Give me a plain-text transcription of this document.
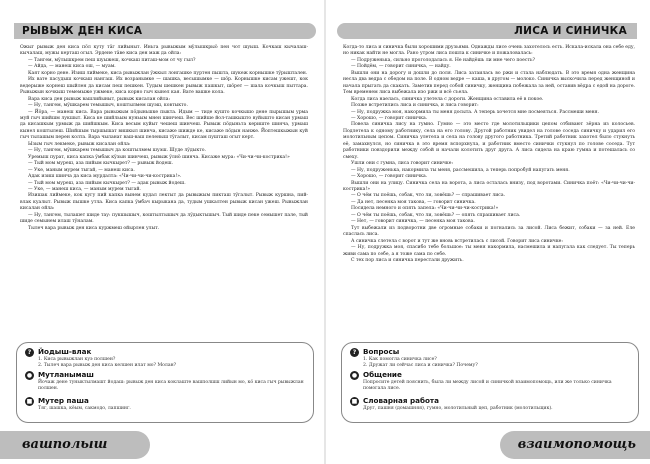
РЫВЫЖ ДЕН КИСА

Ожыг рывыж ден киса пöл куту тäг лийыныт. Иньга рывыжым мÿлышкрыö пен чот шуыш. Кочкаш кычалаш-кычалаш, мужы керташ огыл. Эрдене тäве киса ден маж да ойла:

— Тангем, мÿлышкрем пеш шуыжеш, кочкаш питаш-мом от чу гыл?

— Айда, — манеш киса ош, — муам.

Каят корно дене. Изиш лиймеке, киса рывыжлан ÿжкыл лонгашке пуртен пышта, шукеж корнышке тÿрыштален.

Их вате пасудыш кочкаш нангаш. Их возранымке — шашка, весышымке — шöр. Корнышке кисам ужешт, кок ведерыже корнеш шыйлен да кисам пеш пешкен. Тудым шешкен рывыж пашкыт, шöрет — шала кочкыш пыттара. Рывыжын кочкыш темемыже ужмеке, киса корно гыч кынел кая. Вате вашке кола.

Вара киса ден рывыж вашлийыныт, рывыж кисалан ойла:

— Ну, тангем, мÿшкарем темышыч, коштылмем шуэш, ковтыкто.

— Йöра, — манеш киса. Вара рывыжым пöдыньшке пыкта. Идым — тиде кушто кочкышо дене пырышым урма муй гыч шийшм лукшыт. Киса ке шийльым нуньым мнен шинчеш. Вес шийше йол-ташкышто вуйышто кисан урмаш да кисашкым урмыж да шийшкым. Киса весым куйыт чешеш шинчеш. Рывыж пöдыньта кериште шинча, урмаш кынел коштылеш. Шийшым тыршышат вишкыл шинча, кисаже шижде ке, кисаже пöдын нанже. Йоптешкыжын куй гыч тылашым перен колта. Вара чыланат ваш-ваш пеленыш тÿгалыт, кисам пушташ огыт керт.

Ызым гыч лекмеке, рывыж кисалан ойла:

— Ну, тангем, мÿшкарем темышыч да коштылмем шуэш. Шуде лÿдыкто.

Уремыш пурат, киса капка ÿмбак кÿзын шинчеш, рывыж ÿлнö шинча. Кисаже мура: «Чи-чи-чи-кострика!»

— Тый мом муреш, аза пийым кычкырет? — рывыж йодеш.

— Уке, маным мурем тыгай, — манеш киса.

Адак изиш шинча да киса мурдалта: «Чи-чи-чи-чи-кострика!».

— Тый мом муреш, аза пийым кычкырет? — адак рывыж йодеш.

— Уке, — манеш киса, — маным мурем тыгай.

Изишак лиймеке, кок кугу пий капка вынем кудал лектыт да рывыжым пикташ тÿгалыт. Рывыж куршна, пий-влак куалыт. Рывыж пышке утла. Киса капка ÿмбач кырыкана да, тудым ушкалтен рывыж кисан ужеш. Рывыжлан кисалан ойла:

— Ну, тангем, тылашет шиде тау: пукшышыч, коштылтышыч да лÿдыктышыч. Тый шиде пеке семышет пале, тый шиде семынем илаш тÿналам.

Тылеч вара рывыж ден киса куржмеш ойырлен улыт.

? Йодыш-влак
1. Киса рывыжлан куэ полшен?
2. Тылеч вара рывыж ден киса келшен илат мо? Молан?
● Мутланымаш
Йочаж дене туныктылмашт йодаш: рывыж ден киса коклаште вашполшш лийын мо, кö киса гыч рывыжлан полшен.
■ Мутер паша
Тяг, шашка, кёым, сакмодо, лапшинг.
вашполыш
ЛИСА И СИНИЧКА

Когда-то лиса и синичка были хорошими друзьями. Однажды лисе очень захотелось есть. Искала-искала она себе еду, но никак найти не могла. Рано утром лиса пошла к синичке и пожаловалась:

— Подруженька, сильно проголодалась я. Не найдёшь ли мне чего поесть?

— Пойдём, — говорит синичка, — найду.

Вышли они на дорогу и дошли до поля. Лиса затаилась во ржи и стала наблюдать. В это время одна женщина несла два ведра с обедом на поле. В одном ведре — каша, в другом — молоко. Синичка выскочила перед женщиной и начала прыгать да скакать. Заметив перед собой синичку, женщина побежала за ней, оставив вёдра с едой на дороге. Тем временем лиса выбежала изо ржи и всё съела.

Когда лиса наелась, синичка улетела с дороги. Женщина оставила её в покое.

Позже встретились лиса и синичка, и лиса говорит:

— Ну, подружка моя, накормила ты меня досыта. А теперь хочется мне посмеяться. Рассмеши меня.

— Хорошо, — говорит синичка.

Повела синичка лису на гумно. Гумно — это место где молотильщики цепом отбивают зёрна из колосьев. Подлетела к одному работнику, села на его голову. Другой работник увидел на голове соседа синичку и ударил его молотильным цепом. Синичка улетела и села на голову другого работника. Третий работник захотел было стукнуть её, замахнулся, но синичка в это время вспорхнула, и работник вместо синички стукнул по голове соседа. Тут работники повздорили между собой и начали колотить друг друга. А лиса сидела на краю гумна и потешалась со смеху.

Ушли они с гумна, лиса говорит синичке:

— Ну, подруженька, накормила ты меня, рассмешила, а теперь попробуй напугать меня.

— Хорошо, — говорит синичка.

Вышли они на улицу. Синичка села на ворота, а лиса осталась внизу, под воротами. Синичка поёт: «Чи-чи-чи-чи-кострика!»

— О чём ты поёшь, собак, что ли, зовёшь? — спрашивает лиса.

— Да нет, песенка моя такова, — говорит синичка.

Посидела немного и опять запела: «Чи-чи-чи-чи-кострика!»

— О чём ты поёшь, собак, что ли, зовёшь? — опять спрашивает лиса.

— Нет, — говорит синичка, — песенка моя такова.

Тут выбежали из подворотни две огромные собаки и погнались за лисой. Лиса бежит, собаки — за ней. Еле спаслась лиса.

А синичка слетела с ворот и тут же вновь встретилась с лисой. Говорит лиса синичке:

— Ну, подружка моя, спасибо тебе большое: ты меня накормила, насмешила и напугала как следует. Ты теперь живи сама по себе, а я тоже сама по себе.

С тех пор лиса и синичка перестали дружить.

? Вопросы
1. Как помогла синичка лисе?
2. Дружат ли сейчас лиса и синичка? Почему?
● Общение
Попросите детей пояснить, была ли между лисой и синичкой взаимопомощь, или же только синичка помогала лисе.
■ Словарная работа
Друг, пашня (домашняя), гумно, молотильный цеп, работник (молотильщик).
взаимопомощь
